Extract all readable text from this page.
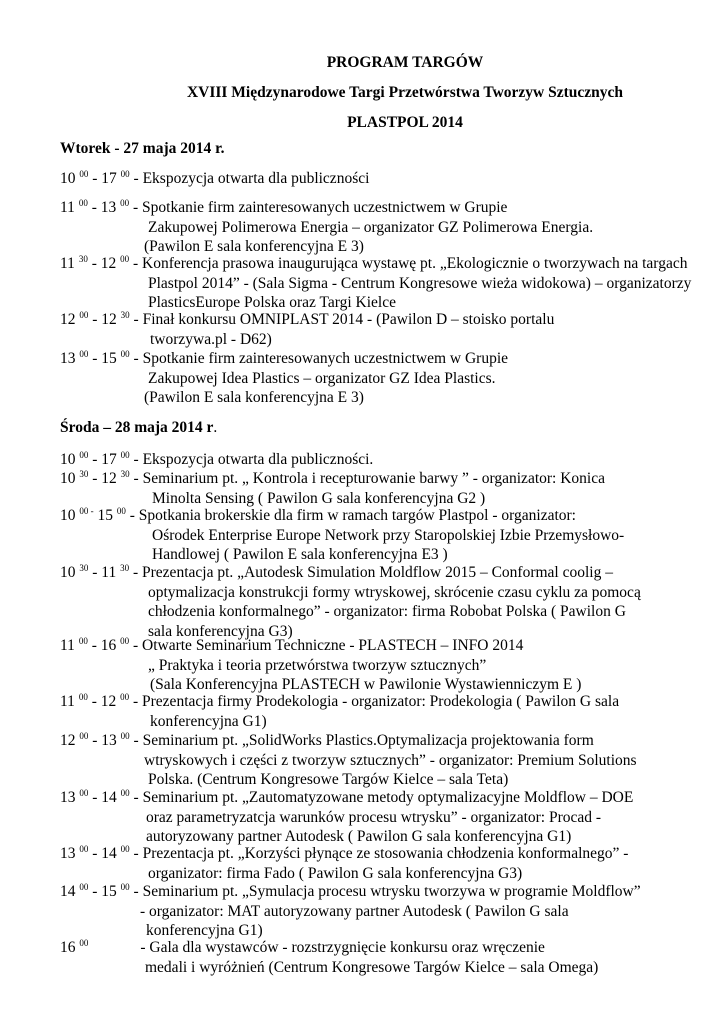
PROGRAM TARGÓW
XVIII Międzynarodowe Targi Przetwórstwa Tworzyw Sztucznych
PLASTPOL 2014
Wtorek - 27 maja 2014 r.
10 $^{00}$ - 17 $^{00}$ - Ekspozycja otwarta dla publiczności
11 $^{00}$ - 13 $^{00}$ - Spotkanie firm zainteresowanych uczestnictwem w Grupie
Zakupowej Polimerowa Energia – organizator GZ Polimerowa Energia.
(Pawilon E sala konferencyjna E 3)
11 $^{30}$ - 12 $^{00}$ - Konferencja prasowa inaugurująca wystawę pt. „Ekologicznie o tworzywach na targach
Plastpol 2014” - (Sala Sigma - Centrum Kongresowe wieża widokowa) – organizatorzy
PlasticsEurope Polska oraz Targi Kielce
12 $^{00}$ - 12 $^{30}$ - Finał konkursu OMNIPLAST 2014 - (Pawilon D – stoisko portalu
tworzywa.pl - D62)
13 $^{00}$ - 15 $^{00}$ - Spotkanie firm zainteresowanych uczestnictwem w Grupie
Zakupowej Idea Plastics – organizator GZ Idea Plastics.
(Pawilon E sala konferencyjna E 3)
Środa – 28 maja 2014 r.
10 $^{00}$ - 17 $^{00}$ - Ekspozycja otwarta dla publiczności.
10 $^{30}$ - 12 $^{30}$ - Seminarium pt. „ Kontrola i recepturowanie barwy ” - organizator: Konica
Minolta Sensing ( Pawilon G sala konferencyjna G2 )
10 $^{00 -}$ 15 $^{00}$ - Spotkania brokerskie dla firm w ramach targów Plastpol - organizator:
Ośrodek Enterprise Europe Network przy Staropolskiej Izbie Przemysłowo-
Handlowej ( Pawilon E sala konferencyjna E3 )
10 $^{30}$ - 11 $^{30}$ - Prezentacja pt. „Autodesk Simulation Moldflow 2015 – Conformal coolig –
optymalizacja konstrukcji formy wtryskowej, skrócenie czasu cyklu za pomocą
chłodzenia konformalnego” - organizator: firma Robobat Polska ( Pawilon G
sala konferencyjna G3)
11 $^{00}$ - 16 $^{00}$ - Otwarte Seminarium Techniczne - PLASTECH – INFO 2014
„ Praktyka i teoria przetwórstwa tworzyw sztucznych”
(Sala Konferencyjna PLASTECH w Pawilonie Wystawienniczym E )
11 $^{00}$ - 12 $^{00}$ - Prezentacja firmy Prodekologia - organizator: Prodekologia ( Pawilon G sala
konferencyjna G1)
12 $^{00}$ - 13 $^{00}$ - Seminarium pt. „SolidWorks Plastics.Optymalizacja projektowania form
wtryskowych i części z tworzyw sztucznych” - organizator: Premium Solutions
Polska. (Centrum Kongresowe Targów Kielce – sala Teta)
13 $^{00}$ - 14 $^{00}$ - Seminarium pt. „Zautomatyzowane metody optymalizacyjne Moldflow – DOE
oraz parametryzatcja warunków procesu wtrysku” - organizator: Procad -
autoryzowany partner Autodesk ( Pawilon G sala konferencyjna G1)
13 $^{00}$ - 14 $^{00}$ - Prezentacja pt. „Korzyści płynące ze stosowania chłodzenia konformalnego” -
organizator: firma Fado ( Pawilon G sala konferencyjna G3)
14 $^{00}$ - 15 $^{00}$ - Seminarium pt. „Symulacja procesu wtrysku tworzywa w programie Moldflow”
- organizator: MAT autoryzowany partner Autodesk ( Pawilon G sala
konferencyjna G1)
16 $^{00}$	- Gala dla wystawców - rozstrzygnięcie konkursu oraz wręczenie
medali i wyróżnień (Centrum Kongresowe Targów Kielce – sala Omega)
